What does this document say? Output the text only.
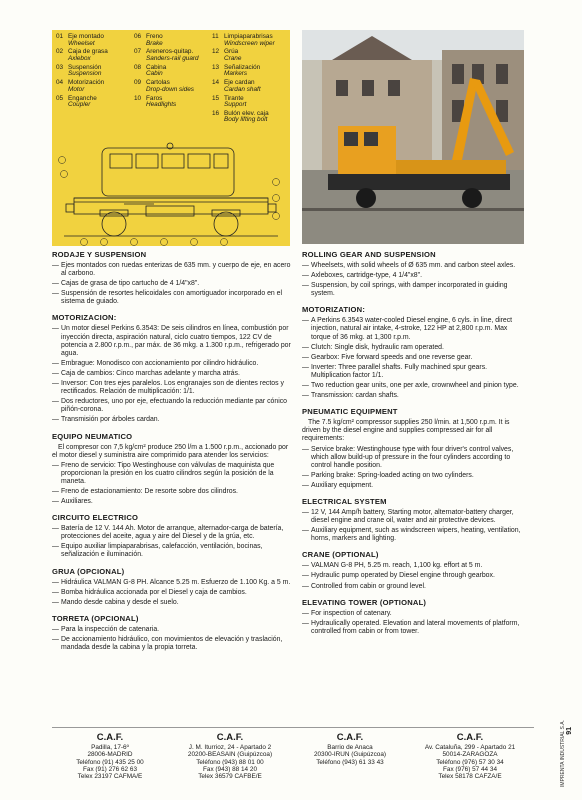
01 Eje montado
Wheelset
02 Caja de grasa
Axlebox
03 Suspensión
Suspension
04 Motorización
Motor
05 Enganche
Coupler
06 Freno
Brake
07 Areneros-quitap.
Sanders-rail guard
08 Cabina
Cabin
09 Cartolas
Drop-down sides
10 Faros
Headlights
11 Limpiaparabrisas
Windscreen wiper
12 Grúa
Crane
13 Señalización
Markers
14 Eje cardan
Cardan shaft
15 Tirante
Support
16 Bulón elev. caja
Body lifting bolt
RODAJE Y SUSPENSION
— Ejes montados con ruedas enterizas de 635 mm. y cuerpo de eje, en acero al carbono.
— Cajas de grasa de tipo cartucho de 4 1/4"x8".
— Suspensión de resortes helicoidales con amortiguador incorporado en el sistema de guiado.
MOTORIZACION:
— Un motor diesel Perkins 6.3543: De seis cilindros en línea, combustión por inyección directa, aspiración natural, ciclo cuatro tiempos, 122 CV de potencia a 2.800 r.p.m., par máx. de 36 mkg. a 1.300 r.p.m., refrigerado por agua.
— Embrague: Monodisco con accionamiento por cilindro hidráulico.
— Caja de cambios: Cinco marchas adelante y marcha atrás.
— Inversor: Con tres ejes paralelos. Los engranajes son de dientes rectos y rectificados. Relación de multiplicación: 1/1.
— Dos reductores, uno por eje, efectuando la reducción mediante par cónico piñón-corona.
— Transmisión por árboles cardan.
EQUIPO NEUMATICO

El compresor con 7,5 kg/cm² produce 250 l/m a 1.500 r.p.m., accionado por el motor diesel y suministra aire comprimido para atender los servicios:

— Freno de servicio: Tipo Westinghouse con válvulas de maquinista que proporcionan la presión en los cuatro cilindros según la posición de la maneta.
— Freno de estacionamiento: De resorte sobre dos cilindros.
— Auxiliares.
CIRCUITO ELECTRICO
— Batería de 12 V. 144 Ah. Motor de arranque, alternador-carga de batería, protecciones del aceite, agua y aire del Diesel y de la grúa, etc.
— Equipo auxiliar limpiaparabrisas, calefacción, ventilación, bocinas, señalización e iluminación.
GRUA (OPCIONAL)
— Hidráulica VALMAN G-8 PH. Alcance 5.25 m. Esfuerzo de 1.100 Kg. a 5 m.
— Bomba hidráulica accionada por el Diesel y caja de cambios.
— Mando desde cabina y desde el suelo.
TORRETA (OPCIONAL)
— Para la inspección de catenaria.
— De accionamiento hidráulico, con movimientos de elevación y traslación, mandada desde la cabina y la propia torreta.
ROLLING GEAR AND SUSPENSION
— Wheelsets, with solid wheels of Ø 635 mm. and carbon steel axles.
— Axleboxes, cartridge-type, 4 1/4"x8".
— Suspension, by coil springs, with damper incorporated in guiding system.
MOTORIZATION:
— A Perkins 6.3543 water-cooled Diesel engine, 6 cyls. in line, direct injection, natural air intake, 4-stroke, 122 HP at 2,800 r.p.m. Max torque of 36 mkg. at 1,300 r.p.m.
— Clutch: Single disk, hydraulic ram operated.
— Gearbox: Five forward speeds and one reverse gear.
— Inverter: Three parallel shafts. Fully machined spur gears. Multiplication factor 1/1.
— Two reduction gear units, one per axle, crownwheel and pinion type.
— Transmission: cardan shafts.
PNEUMATIC EQUIPMENT

The 7.5 kg/cm² compressor supplies 250 l/min. at 1,500 r.p.m. It is driven by the diesel engine and supplies compressed air for all requirements:

— Service brake: Westinghouse type with four driver's control valves, which allow build-up of pressure in the four cylinders according to control handle position.
— Parking brake: Spring-loaded acting on two cylinders.
— Auxiliary equipment.
ELECTRICAL SYSTEM
— 12 V, 144 Amp/h battery, Starting motor, alternator-battery charger, diesel engine and crane oil, water and air protective devices.
— Auxiliary equipment, such as windscreen wipers, heating, ventilation, horns, markers and lighting.
CRANE (OPTIONAL)
— VALMAN G-8 PH, 5.25 m. reach, 1,100 kg. effort at 5 m.
— Hydraulic pump operated by Diesel engine through gearbox.
— Controlled from cabin or ground level.
ELEVATING TOWER (OPTIONAL)
— For inspection of catenary.
— Hydraulically operated. Elevation and lateral movements of platform, controlled from cabin or from tower.
C.A.F.
Padilla, 17-6º
28006-MADRID
Teléfono (91) 435 25 00
Fax (91) 276 62 63
Telex 23197 CAFMA/E
C.A.F.
J. M. Iturrioz, 24 - Apartado 2
20200-BEASAIN (Guipúzcoa)
Teléfono (943) 88 01 00
Fax (943) 88 14 20
Telex 36579 CAFBE/E
C.A.F.
Barrio de Anaca
20300-IRUN (Guipúzcoa)
Teléfono (943) 61 33 43
C.A.F.
Av. Cataluña, 299 - Apartado 21
50014-ZARAGOZA
Teléfono (976) 57 30 34
Fax (976) 57 44 34
Telex 58178 CAFZA/E	IMPRENTA INDUSTRIAL S.A. 91
